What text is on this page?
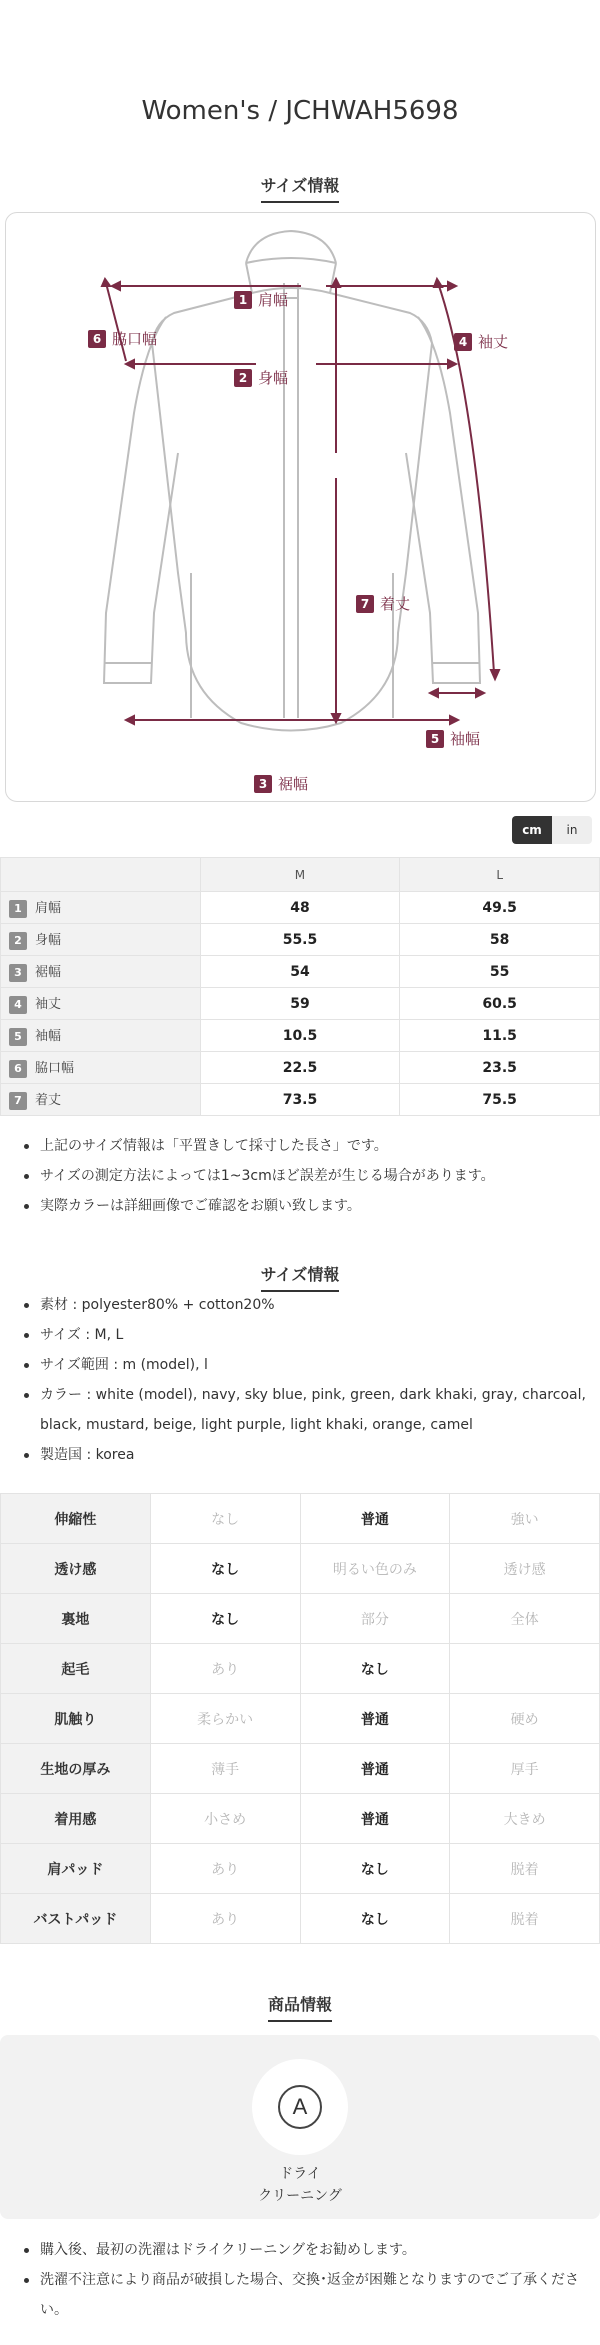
Women's / JCHWAH5698
サイズ情報
1 肩幅
2 身幅
7 着丈
4 袖丈
6 脇口幅
5 袖幅
3 裾幅
cm	in
	M	L
1 肩幅	48	49.5
2 身幅	55.5	58
3 裾幅	54	55
4 袖丈	59	60.5
5 袖幅	10.5	11.5
6 脇口幅	22.5	23.5
7 着丈	73.5	75.5
上記のサイズ情報は「平置きして採寸した長さ」です。
サイズの測定方法によっては1~3cmほど誤差が生じる場合があります。
実際カラーは詳細画像でご確認をお願い致します。
サイズ情報
素材 : polyester80% + cotton20%
サイズ : M, L
サイズ範囲 : m (model), l
カラー : white (model), navy, sky blue, pink, green, dark khaki, gray, charcoal, black, mustard, beige, light purple, light khaki, orange, camel
製造国 : korea
伸縮性	なし	普通	強い
透け感	なし	明るい色のみ	透け感
裏地	なし	部分	全体
起毛	あり	なし	
肌触り	柔らかい	普通	硬め
生地の厚み	薄手	普通	厚手
着用感	小さめ	普通	大きめ
肩パッド	あり	なし	脱着
バストパッド	あり	なし	脱着
商品情報
A
ドライ
クリーニング
購入後、最初の洗濯はドライクリーニングをお勧めします。
洗濯不注意により商品が破損した場合、交換･返金が困難となりますのでご了承ください。
